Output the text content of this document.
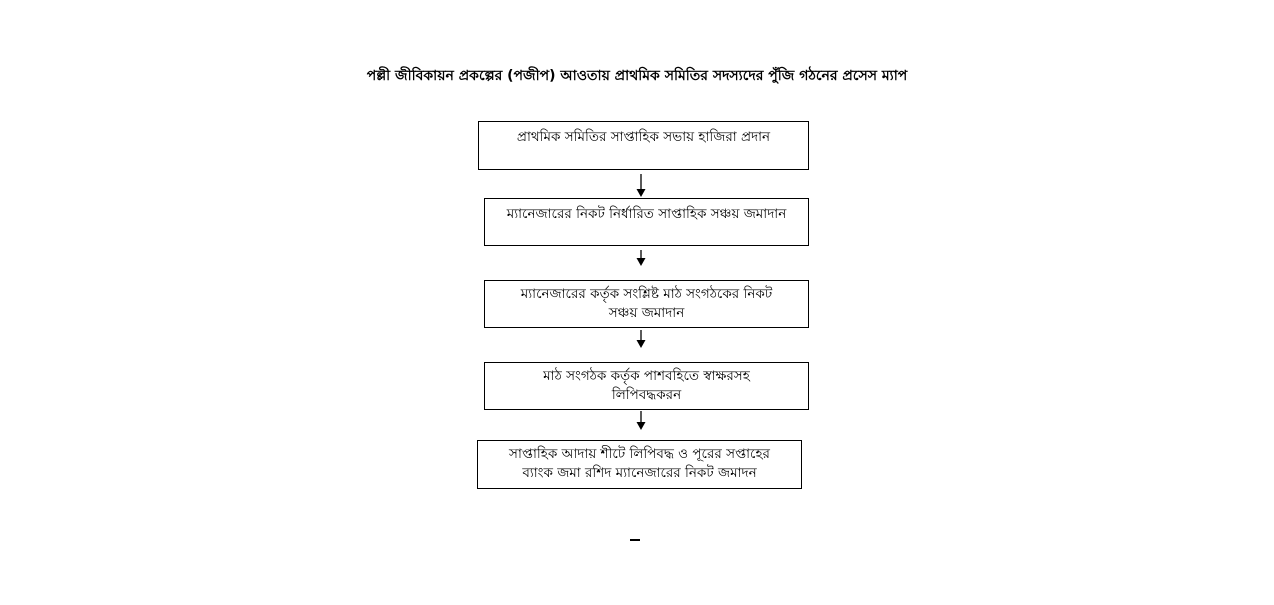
পল্লী জীবিকায়ন প্রকল্পের (পজীপ) আওতায় প্রাথমিক সমিতির সদস্যদের পুঁজি গঠনের প্রসেস ম্যাপ
প্রাথমিক সমিতির সাপ্তাহিক সভায় হাজিরা প্রদান
ম্যানেজারের নিকট নির্ধারিত সাপ্তাহিক সঞ্চয় জমাদান
ম্যানেজারের কর্তৃক সংশ্লিষ্ট মাঠ সংগঠকের নিকট
সঞ্চয় জমাদান
মাঠ সংগঠক কর্তৃক পাশবহিতে স্বাক্ষরসহ
লিপিবদ্ধকরন
সাপ্তাহিক আদায় শীটে লিপিবদ্ধ ও পূরের সপ্তাহের
ব্যাংক জমা রশিদ ম্যানেজারের নিকট জমাদন
